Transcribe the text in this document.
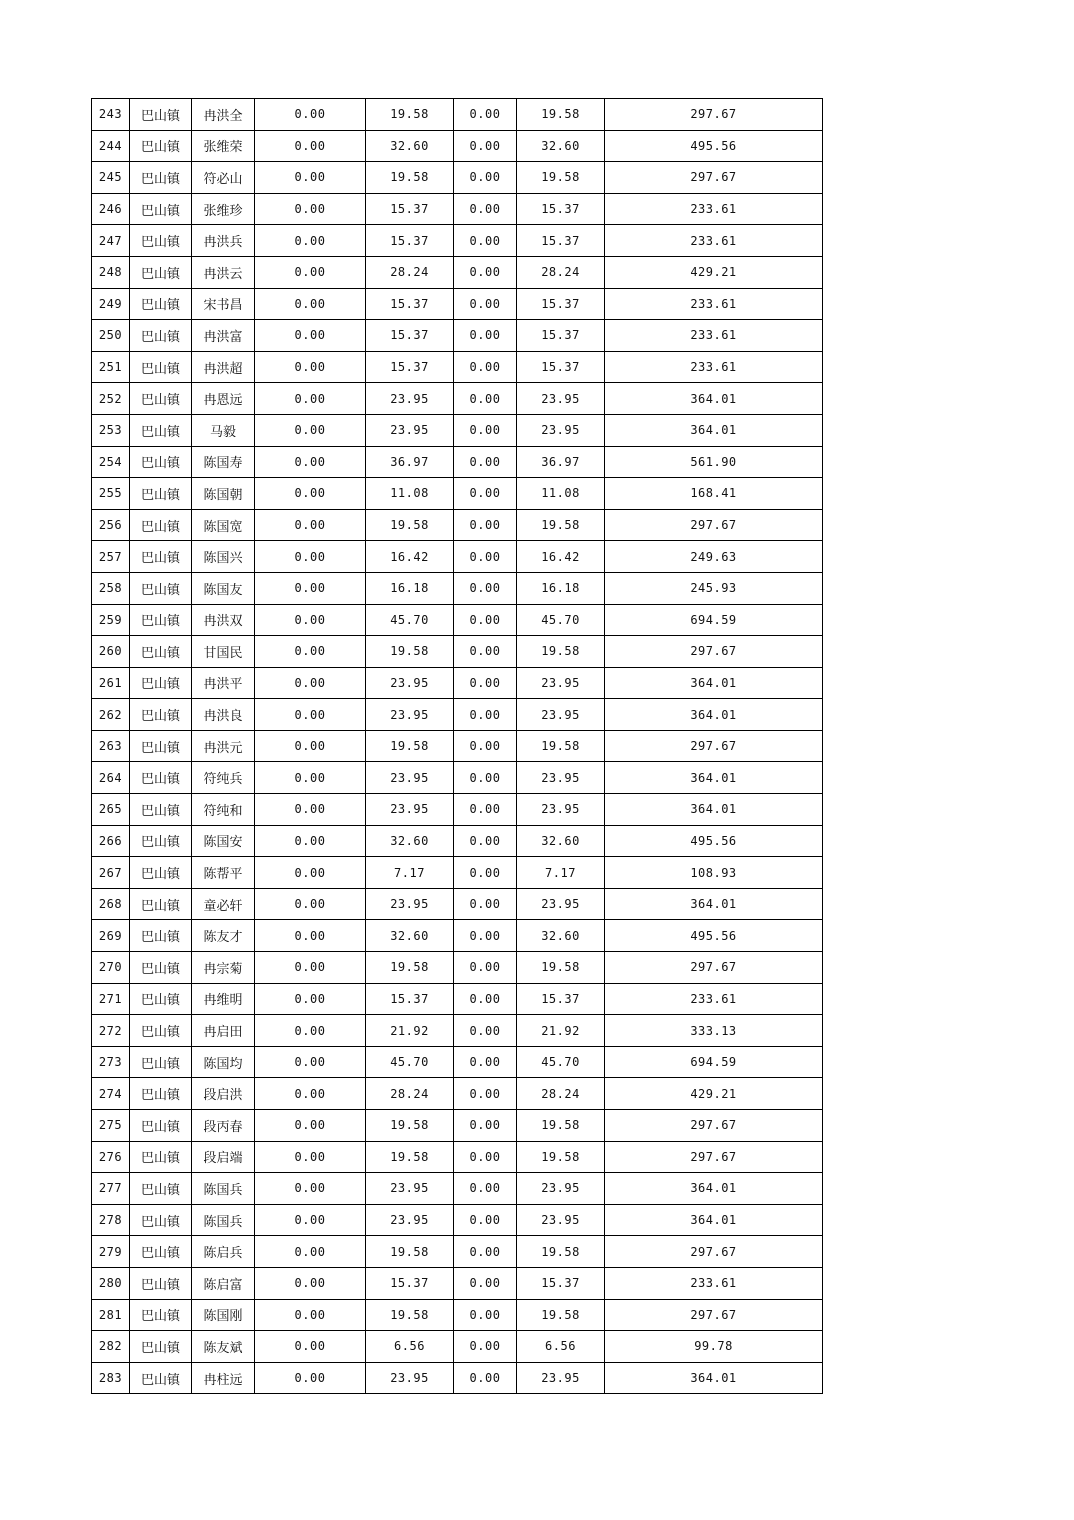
243	巴山镇	冉洪全	0.00	19.58	0.00	19.58	297.67
244	巴山镇	张维荣	0.00	32.60	0.00	32.60	495.56
245	巴山镇	符必山	0.00	19.58	0.00	19.58	297.67
246	巴山镇	张维珍	0.00	15.37	0.00	15.37	233.61
247	巴山镇	冉洪兵	0.00	15.37	0.00	15.37	233.61
248	巴山镇	冉洪云	0.00	28.24	0.00	28.24	429.21
249	巴山镇	宋书昌	0.00	15.37	0.00	15.37	233.61
250	巴山镇	冉洪富	0.00	15.37	0.00	15.37	233.61
251	巴山镇	冉洪超	0.00	15.37	0.00	15.37	233.61
252	巴山镇	冉恩远	0.00	23.95	0.00	23.95	364.01
253	巴山镇	马毅	0.00	23.95	0.00	23.95	364.01
254	巴山镇	陈国寿	0.00	36.97	0.00	36.97	561.90
255	巴山镇	陈国朝	0.00	11.08	0.00	11.08	168.41
256	巴山镇	陈国宽	0.00	19.58	0.00	19.58	297.67
257	巴山镇	陈国兴	0.00	16.42	0.00	16.42	249.63
258	巴山镇	陈国友	0.00	16.18	0.00	16.18	245.93
259	巴山镇	冉洪双	0.00	45.70	0.00	45.70	694.59
260	巴山镇	甘国民	0.00	19.58	0.00	19.58	297.67
261	巴山镇	冉洪平	0.00	23.95	0.00	23.95	364.01
262	巴山镇	冉洪良	0.00	23.95	0.00	23.95	364.01
263	巴山镇	冉洪元	0.00	19.58	0.00	19.58	297.67
264	巴山镇	符纯兵	0.00	23.95	0.00	23.95	364.01
265	巴山镇	符纯和	0.00	23.95	0.00	23.95	364.01
266	巴山镇	陈国安	0.00	32.60	0.00	32.60	495.56
267	巴山镇	陈帮平	0.00	7.17	0.00	7.17	108.93
268	巴山镇	童必轩	0.00	23.95	0.00	23.95	364.01
269	巴山镇	陈友才	0.00	32.60	0.00	32.60	495.56
270	巴山镇	冉宗菊	0.00	19.58	0.00	19.58	297.67
271	巴山镇	冉维明	0.00	15.37	0.00	15.37	233.61
272	巴山镇	冉启田	0.00	21.92	0.00	21.92	333.13
273	巴山镇	陈国均	0.00	45.70	0.00	45.70	694.59
274	巴山镇	段启洪	0.00	28.24	0.00	28.24	429.21
275	巴山镇	段丙春	0.00	19.58	0.00	19.58	297.67
276	巴山镇	段启端	0.00	19.58	0.00	19.58	297.67
277	巴山镇	陈国兵	0.00	23.95	0.00	23.95	364.01
278	巴山镇	陈国兵	0.00	23.95	0.00	23.95	364.01
279	巴山镇	陈启兵	0.00	19.58	0.00	19.58	297.67
280	巴山镇	陈启富	0.00	15.37	0.00	15.37	233.61
281	巴山镇	陈国刚	0.00	19.58	0.00	19.58	297.67
282	巴山镇	陈友斌	0.00	6.56	0.00	6.56	99.78
283	巴山镇	冉柱远	0.00	23.95	0.00	23.95	364.01
